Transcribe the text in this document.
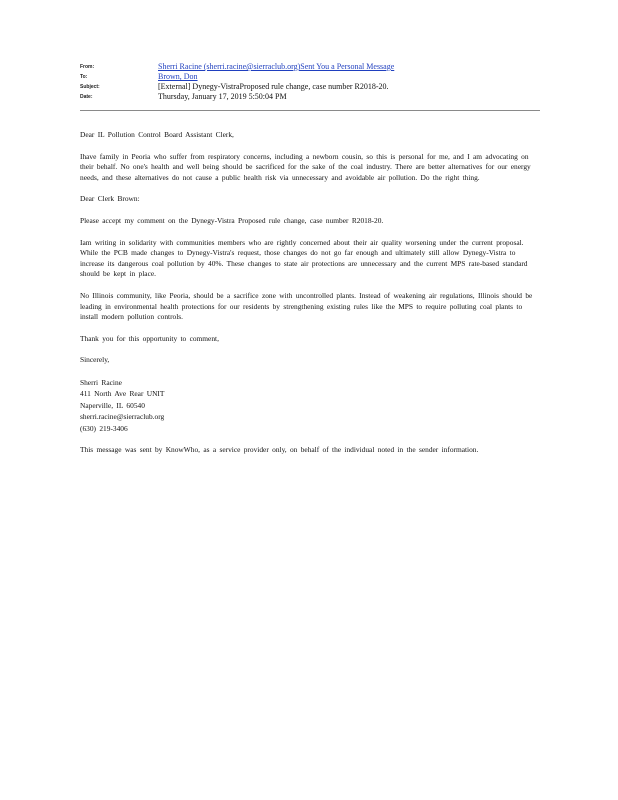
From:	Sherri Racine (sherri.racine@sierraclub.org)Sent You a Personal Message
To:	Brown, Don
Subject:	[External] Dynegy-VistraProposed rule change, case number R2018-20.
Date:	Thursday, January 17, 2019 5:50:04 PM

Dear IL Pollution Control Board Assistant Clerk,

Ihave family in Peoria who suffer from respiratory concerns, including a newborn cousin, so this is personal for me, and I am advocating on their behalf. No one's health and well being should be sacrificed for the sake of the coal industry. There are better alternatives for our energy needs, and these alternatives do not cause a public health risk via unnecessary and avoidable air pollution. Do the right thing.

Dear Clerk Brown:

Please accept my comment on the Dynegy-Vistra Proposed rule change, case number R2018-20.

Iam writing in solidarity with communities members who are rightly concerned about their air quality worsening under the current proposal. While the PCB made changes to Dynegy-Vistra's request, those changes do not go far enough and ultimately still allow Dynegy-Vistra to increase its dangerous coal pollution by 40%. These changes to state air protections are unnecessary and the current MPS rate-based standard should be kept in place.

No Illinois community, like Peoria, should be a sacrifice zone with uncontrolled plants. Instead of weakening air regulations, Illinois should be leading in environmental health protections for our residents by strengthening existing rules like the MPS to require polluting coal plants to install modern pollution controls.

Thank you for this opportunity to comment,

Sincerely,

Sherri Racine
411 North Ave Rear UNIT
Naperville, IL 60540
sherri.racine@sierraclub.org
(630) 219-3406

This message was sent by KnowWho, as a service provider only, on behalf of the individual noted in the sender information.
